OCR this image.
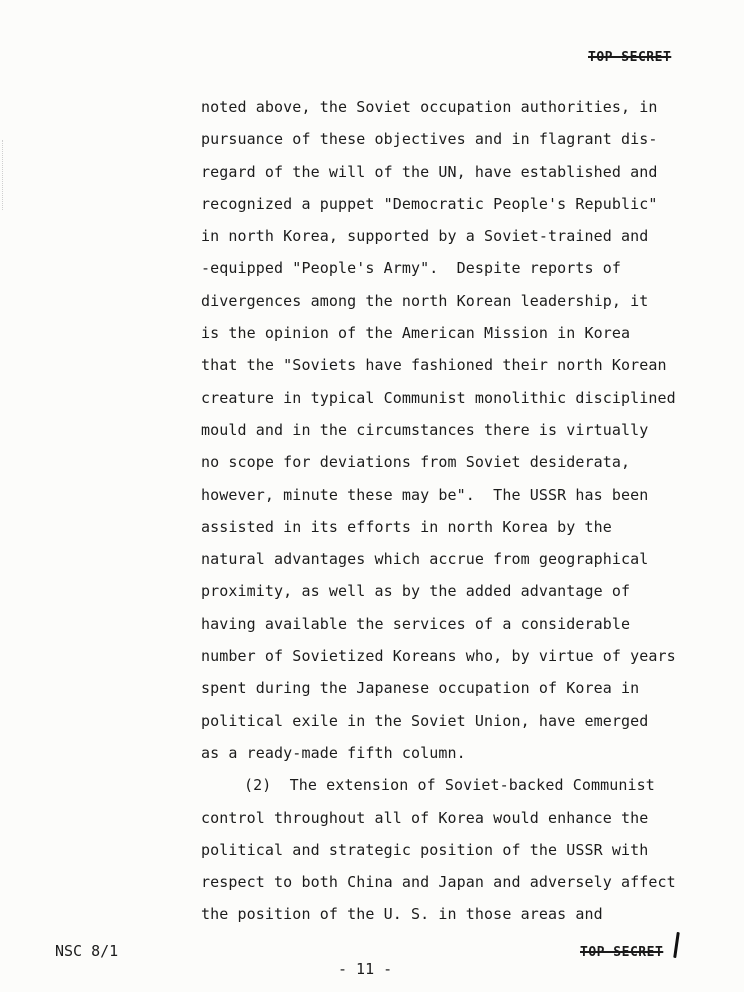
TOP SECRET
noted above, the Soviet occupation authorities, in
pursuance of these objectives and in flagrant dis-
regard of the will of the UN, have established and
recognized a puppet "Democratic People's Republic"
in north Korea, supported by a Soviet-trained and
-equipped "People's Army".  Despite reports of
divergences among the north Korean leadership, it
is the opinion of the American Mission in Korea
that the "Soviets have fashioned their north Korean
creature in typical Communist monolithic disciplined
mould and in the circumstances there is virtually
no scope for deviations from Soviet desiderata,
however, minute these may be".  The USSR has been
assisted in its efforts in north Korea by the
natural advantages which accrue from geographical
proximity, as well as by the added advantage of
having available the services of a considerable
number of Sovietized Koreans who, by virtue of years
spent during the Japanese occupation of Korea in
political exile in the Soviet Union, have emerged
as a ready-made fifth column.
(2)  The extension of Soviet-backed Communist
control throughout all of Korea would enhance the
political and strategic position of the USSR with
respect to both China and Japan and adversely affect
the position of the U. S. in those areas and
NSC 8/1
- 11 -
TOP SECRET
